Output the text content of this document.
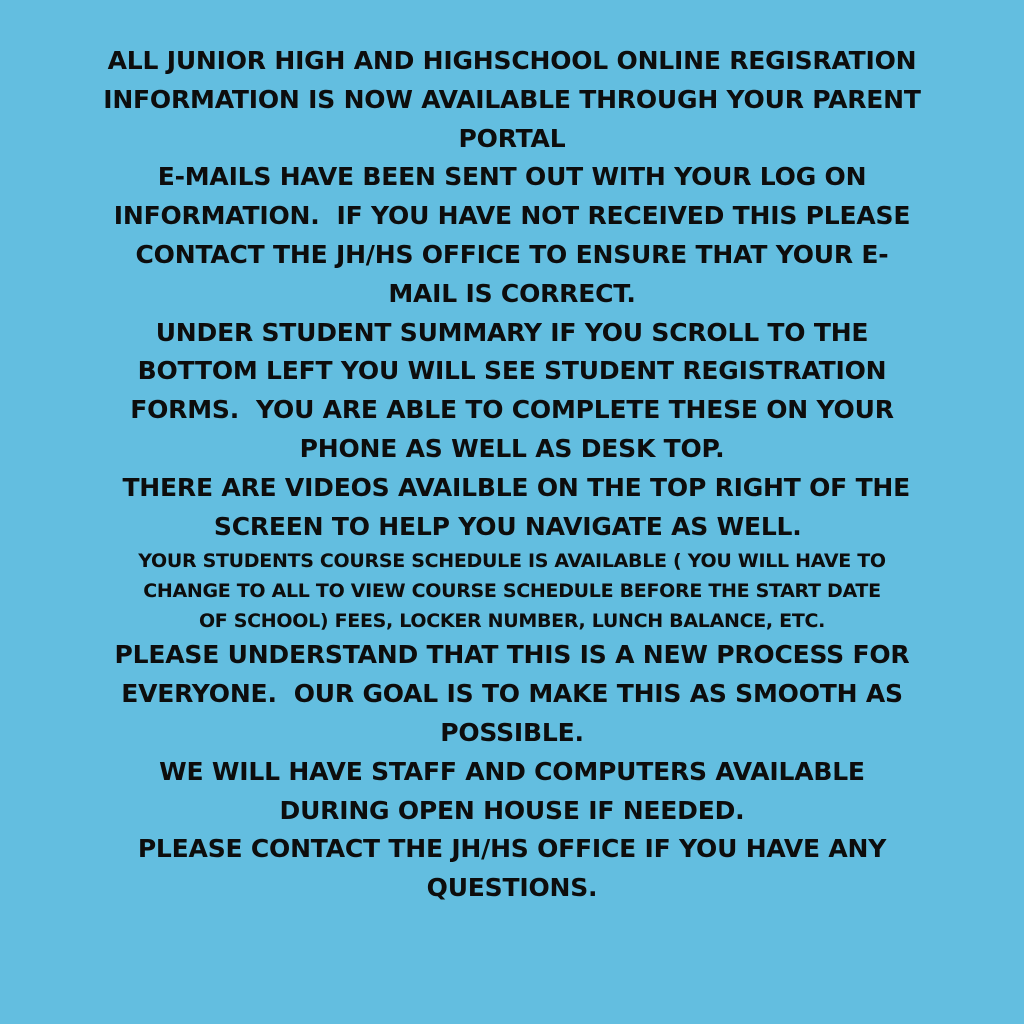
ALL JUNIOR HIGH AND HIGHSCHOOL ONLINE REGISRATION
INFORMATION IS NOW AVAILABLE THROUGH YOUR PARENT
PORTAL
E-MAILS HAVE BEEN SENT OUT WITH YOUR LOG ON
INFORMATION.  IF YOU HAVE NOT RECEIVED THIS PLEASE
CONTACT THE JH/HS OFFICE TO ENSURE THAT YOUR E-
MAIL IS CORRECT.
UNDER STUDENT SUMMARY IF YOU SCROLL TO THE
BOTTOM LEFT YOU WILL SEE STUDENT REGISTRATION
FORMS.  YOU ARE ABLE TO COMPLETE THESE ON YOUR
PHONE AS WELL AS DESK TOP.
THERE ARE VIDEOS AVAILBLE ON THE TOP RIGHT OF THE
SCREEN TO HELP YOU NAVIGATE AS WELL.
YOUR STUDENTS COURSE SCHEDULE IS AVAILABLE ( YOU WILL HAVE TO
CHANGE TO ALL TO VIEW COURSE SCHEDULE BEFORE THE START DATE
OF SCHOOL) FEES, LOCKER NUMBER, LUNCH BALANCE, ETC.
PLEASE UNDERSTAND THAT THIS IS A NEW PROCESS FOR
EVERYONE.  OUR GOAL IS TO MAKE THIS AS SMOOTH AS
POSSIBLE.
WE WILL HAVE STAFF AND COMPUTERS AVAILABLE
DURING OPEN HOUSE IF NEEDED.
PLEASE CONTACT THE JH/HS OFFICE IF YOU HAVE ANY
QUESTIONS.
